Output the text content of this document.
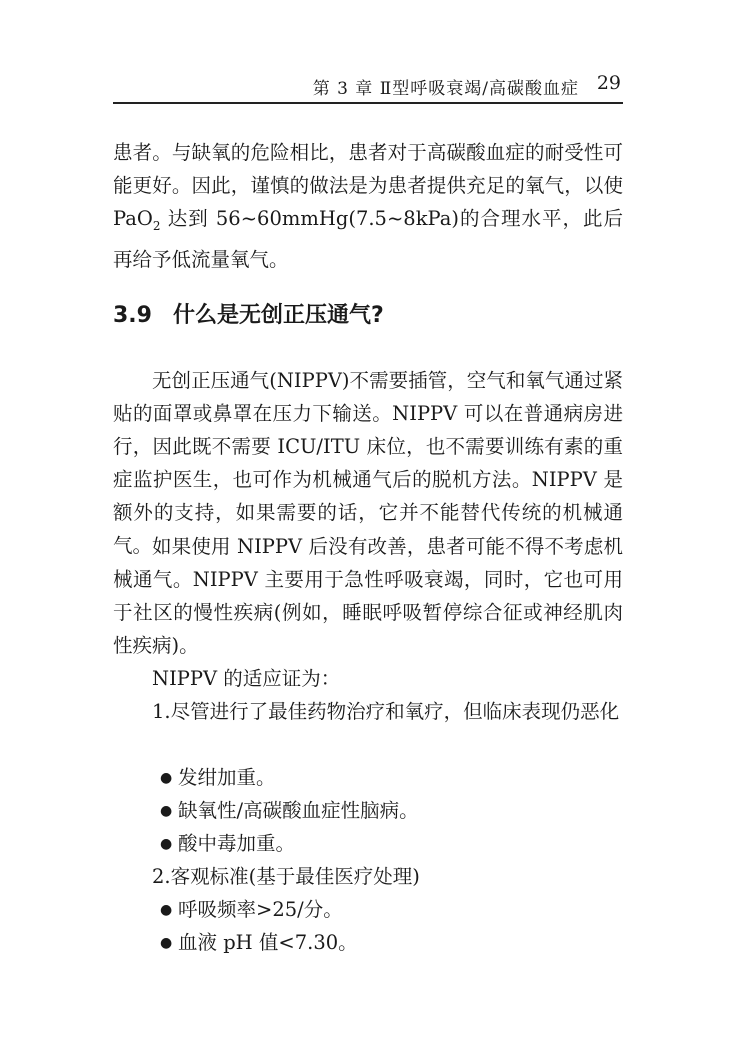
第 3 章 Ⅱ型呼吸衰竭/高碳酸血症 29

患者。与缺氧的危险相比，患者对于高碳酸血症的耐受性可能更好。因此，谨慎的做法是为患者提供充足的氧气，以使PaO$_2$ 达到 56~60mmHg(7.5~8kPa)的合理水平，此后再给予低流量氧气。

3.9 什么是无创正压通气?

无创正压通气(NIPPV)不需要插管，空气和氧气通过紧贴的面罩或鼻罩在压力下输送。NIPPV 可以在普通病房进行，因此既不需要 ICU/ITU 床位，也不需要训练有素的重症监护医生，也可作为机械通气后的脱机方法。NIPPV 是额外的支持，如果需要的话，它并不能替代传统的机械通气。 如果使用 NIPPV 后没有改善，患者可能不得不考虑机械通气。NIPPV 主要用于急性呼吸衰竭，同时，它也可用于社区的慢性疾病(例如，睡眠呼吸暂停综合征或神经肌肉性疾病)。

NIPPV 的适应证为：

1.尽管进行了最佳药物治疗和氧疗，但临床表现仍恶化

● 发绀加重。
● 缺氧性/高碳酸血症性脑病。
● 酸中毒加重。

2.客观标准(基于最佳医疗处理)

● 呼吸频率>25/分。
● 血液 pH 值<7.30。
